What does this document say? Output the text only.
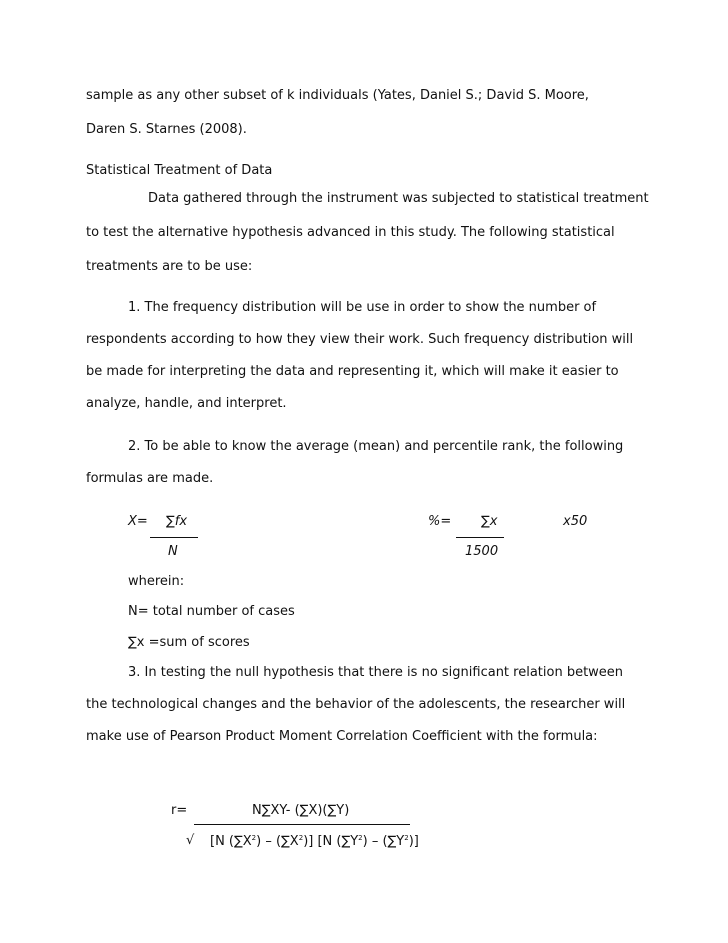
sample as any other subset of k individuals (Yates, Daniel S.; David S. Moore,
Daren S. Starnes (2008).
Statistical Treatment of Data
Data gathered through the instrument was subjected to statistical treatment
to test the alternative hypothesis advanced in this study. The following statistical
treatments are to be use:
1. The frequency distribution will be use in order to show the number of
respondents according to how they view their work. Such frequency distribution will
be made for interpreting the data and representing it, which will make it easier to
analyze, handle, and interpret.
2. To be able to know the average (mean) and percentile rank, the following
formulas are made.
X= ∑fx
N
%= ∑x	x50
1500
wherein:
N= total number of cases
∑x =sum of scores
3. In testing the null hypothesis that there is no significant relation between
the technological changes and the behavior of the adolescents, the researcher will
make use of Pearson Product Moment Correlation Coefficient with the formula:
r=	N∑XY- (∑X)(∑Y)
√ [N $(\sum X^2) - (\sum X^2)$] [N $(\sum Y^2) - (\sum Y^2)$]
